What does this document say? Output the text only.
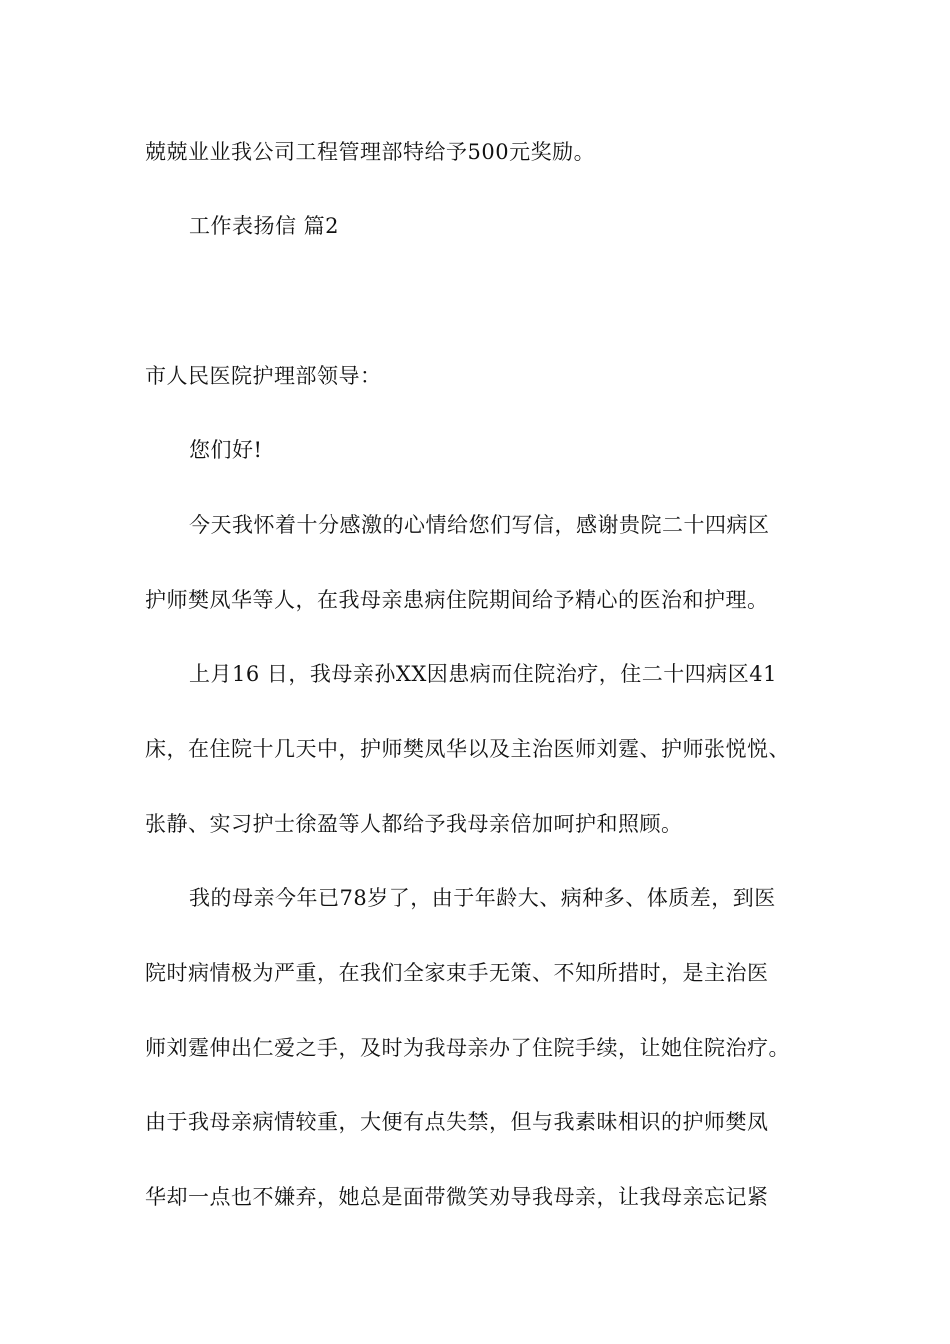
兢兢业业我公司工程管理部特给予500元奖励。
工作表扬信 篇2
市人民医院护理部领导：
您们好!
今天我怀着十分感激的心情给您们写信，感谢贵院二十四病区
护师樊凤华等人，在我母亲患病住院期间给予精心的医治和护理。
上月16 日，我母亲孙XX因患病而住院治疗，住二十四病区41
床，在住院十几天中，护师樊凤华以及主治医师刘霆、护师张悦悦、
张静、实习护士徐盈等人都给予我母亲倍加呵护和照顾。
我的母亲今年已78岁了，由于年龄大、病种多、体质差，到医
院时病情极为严重，在我们全家束手无策、不知所措时，是主治医
师刘霆伸出仁爱之手，及时为我母亲办了住院手续，让她住院治疗。
由于我母亲病情较重，大便有点失禁，但与我素昧相识的护师樊凤
华却一点也不嫌弃，她总是面带微笑劝导我母亲，让我母亲忘记紧
